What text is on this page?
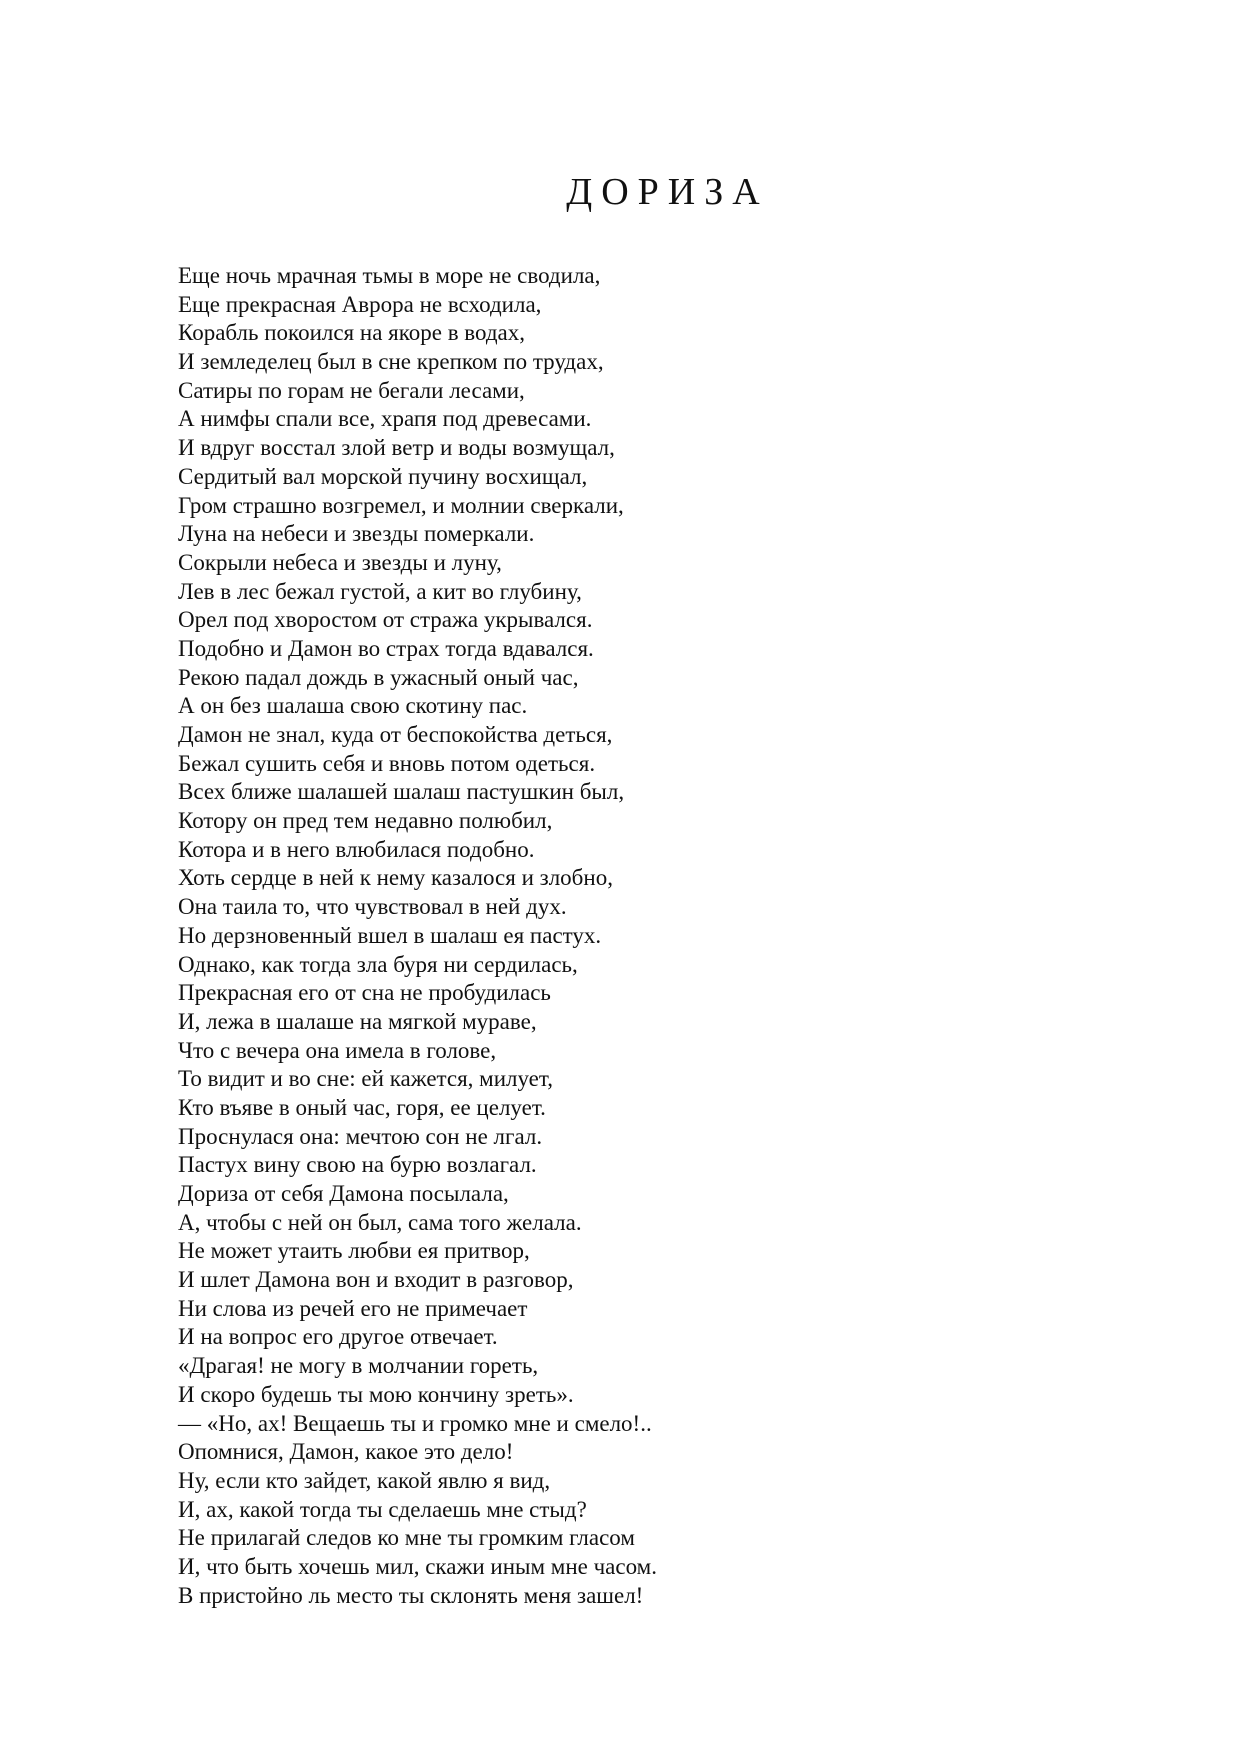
ДОРИЗА
Еще ночь мрачная тьмы в море не сводила,
Еще прекрасная Аврора не всходила,
Корабль покоился на якоре в водах,
И земледелец был в сне крепком по трудах,
Сатиры по горам не бегали лесами,
А нимфы спали все, храпя под древесами.
И вдруг восстал злой ветр и воды возмущал,
Сердитый вал морской пучину восхищал,
Гром страшно возгремел, и молнии сверкали,
Луна на небеси и звезды померкали.
Сокрыли небеса и звезды и луну,
Лев в лес бежал густой, а кит во глубину,
Орел под хворостом от стража укрывался.
Подобно и Дамон во страх тогда вдавался.
Рекою падал дождь в ужасный оный час,
А он без шалаша свою скотину пас.
Дамон не знал, куда от беспокойства деться,
Бежал сушить себя и вновь потом одеться.
Всех ближе шалашей шалаш пастушкин был,
Котору он пред тем недавно полюбил,
Котора и в него влюбилася подобно.
Хоть сердце в ней к нему казалося и злобно,
Она таила то, что чувствовал в ней дух.
Но дерзновенный вшел в шалаш ея пастух.
Однако, как тогда зла буря ни сердилась,
Прекрасная его от сна не пробудилась
И, лежа в шалаше на мягкой мураве,
Что с вечера она имела в голове,
То видит и во сне: ей кажется, милует,
Кто въяве в оный час, горя, ее целует.
Проснулася она: мечтою сон не лгал.
Пастух вину свою на бурю возлагал.
Дориза от себя Дамона посылала,
А, чтобы с ней он был, сама того желала.
Не может утаить любви ея притвор,
И шлет Дамона вон и входит в разговор,
Ни слова из речей его не примечает
И на вопрос его другое отвечает.
«Драгая! не могу в молчании гореть,
И скоро будешь ты мою кончину зреть».
— «Но, ах! Вещаешь ты и громко мне и смело!..
Опомнися, Дамон, какое это дело!
Ну, если кто зайдет, какой явлю я вид,
И, ах, какой тогда ты сделаешь мне стыд?
Не прилагай следов ко мне ты громким гласом
И, что быть хочешь мил, скажи иным мне часом.
В пристойно ль место ты склонять меня зашел!
